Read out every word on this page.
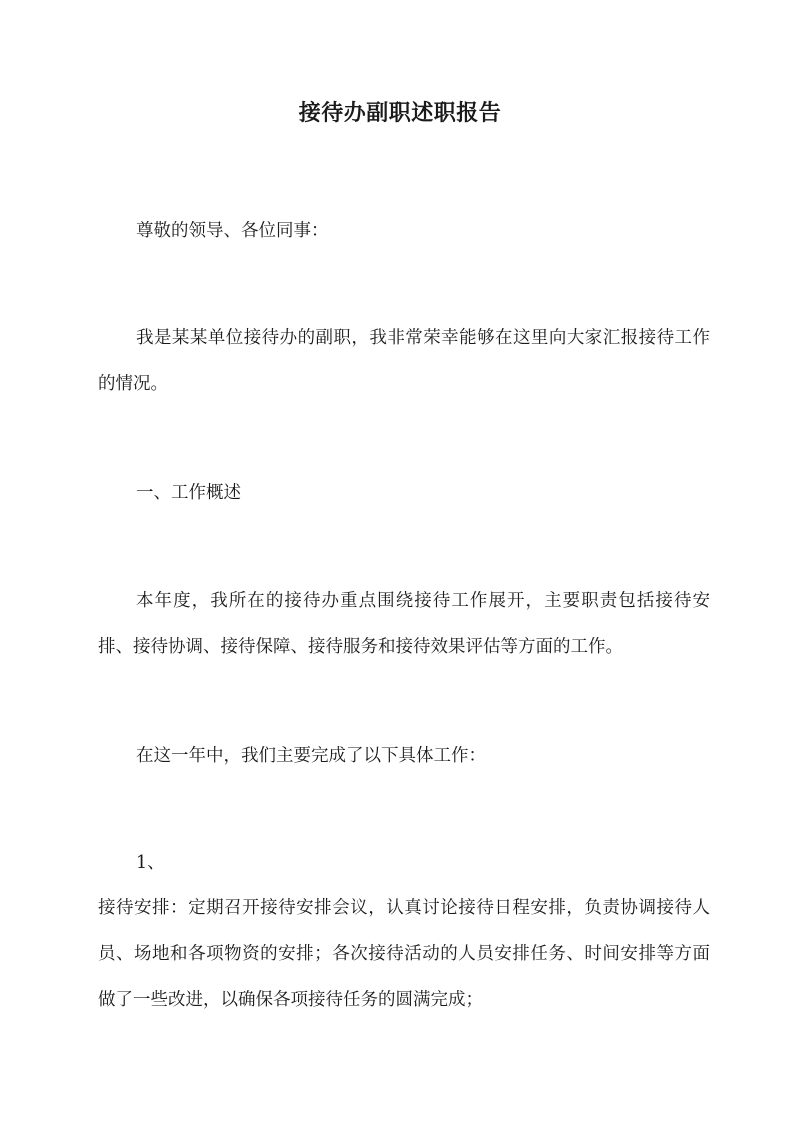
接待办副职述职报告
尊敬的领导、各位同事：
我是某某单位接待办的副职，我非常荣幸能够在这里向大家汇报接待工作的情况。
一、工作概述
本年度，我所在的接待办重点围绕接待工作展开，主要职责包括接待安排、接待协调、接待保障、接待服务和接待效果评估等方面的工作。
在这一年中，我们主要完成了以下具体工作：
1、
接待安排：定期召开接待安排会议，认真讨论接待日程安排，负责协调接待人员、场地和各项物资的安排；各次接待活动的人员安排任务、时间安排等方面做了一些改进，以确保各项接待任务的圆满完成；
